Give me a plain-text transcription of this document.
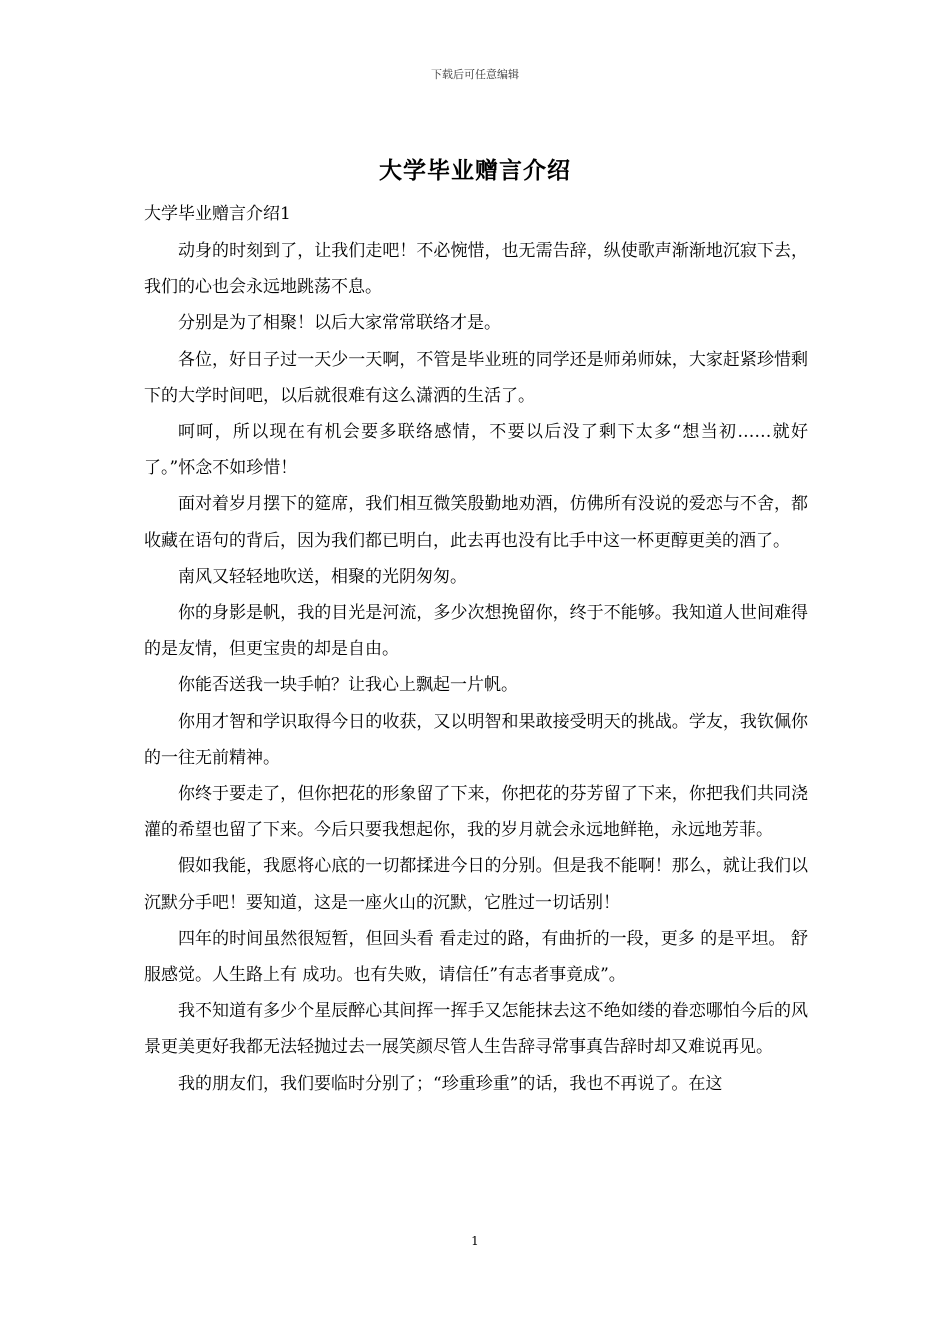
下载后可任意编辑
大学毕业赠言介绍
大学毕业赠言介绍1

动身的时刻到了，让我们走吧！不必惋惜，也无需告辞，纵使歌声渐渐地沉寂下去，我们的心也会永远地跳荡不息。

分别是为了相聚！以后大家常常联络才是。

各位，好日子过一天少一天啊，不管是毕业班的同学还是师弟师妹，大家赶紧珍惜剩下的大学时间吧，以后就很难有这么潇洒的生活了。

呵呵，所以现在有机会要多联络感情，不要以后没了剩下太多“想当初……就好了。”怀念不如珍惜！

面对着岁月摆下的筵席，我们相互微笑殷勤地劝酒，仿佛所有没说的爱恋与不舍，都收藏在语句的背后，因为我们都已明白，此去再也没有比手中这一杯更醇更美的酒了。

南风又轻轻地吹送，相聚的光阴匆匆。

你的身影是帆，我的目光是河流，多少次想挽留你，终于不能够。我知道人世间难得的是友情，但更宝贵的却是自由。

你能否送我一块手帕？让我心上飘起一片帆。

你用才智和学识取得今日的收获，又以明智和果敢接受明天的挑战。学友，我钦佩你的一往无前精神。

你终于要走了，但你把花的形象留了下来，你把花的芬芳留了下来，你把我们共同浇灌的希望也留了下来。今后只要我想起你，我的岁月就会永远地鲜艳，永远地芳菲。

假如我能，我愿将心底的一切都揉进今日的分别。但是我不能啊！那么，就让我们以沉默分手吧！要知道，这是一座火山的沉默，它胜过一切话别！

四年的时间虽然很短暂，但回头看 看走过的路，有曲折的一段，更多 的是平坦。 舒服感觉。人生路上有 成功。也有失败，请信任”有志者事竟成”。

我不知道有多少个星辰醉心其间挥一挥手又怎能抹去这不绝如缕的眷恋哪怕今后的风景更美更好我都无法轻抛过去一展笑颜尽管人生告辞寻常事真告辞时却又难说再见。

我的朋友们，我们要临时分别了；“珍重珍重”的话，我也不再说了。在这

1
